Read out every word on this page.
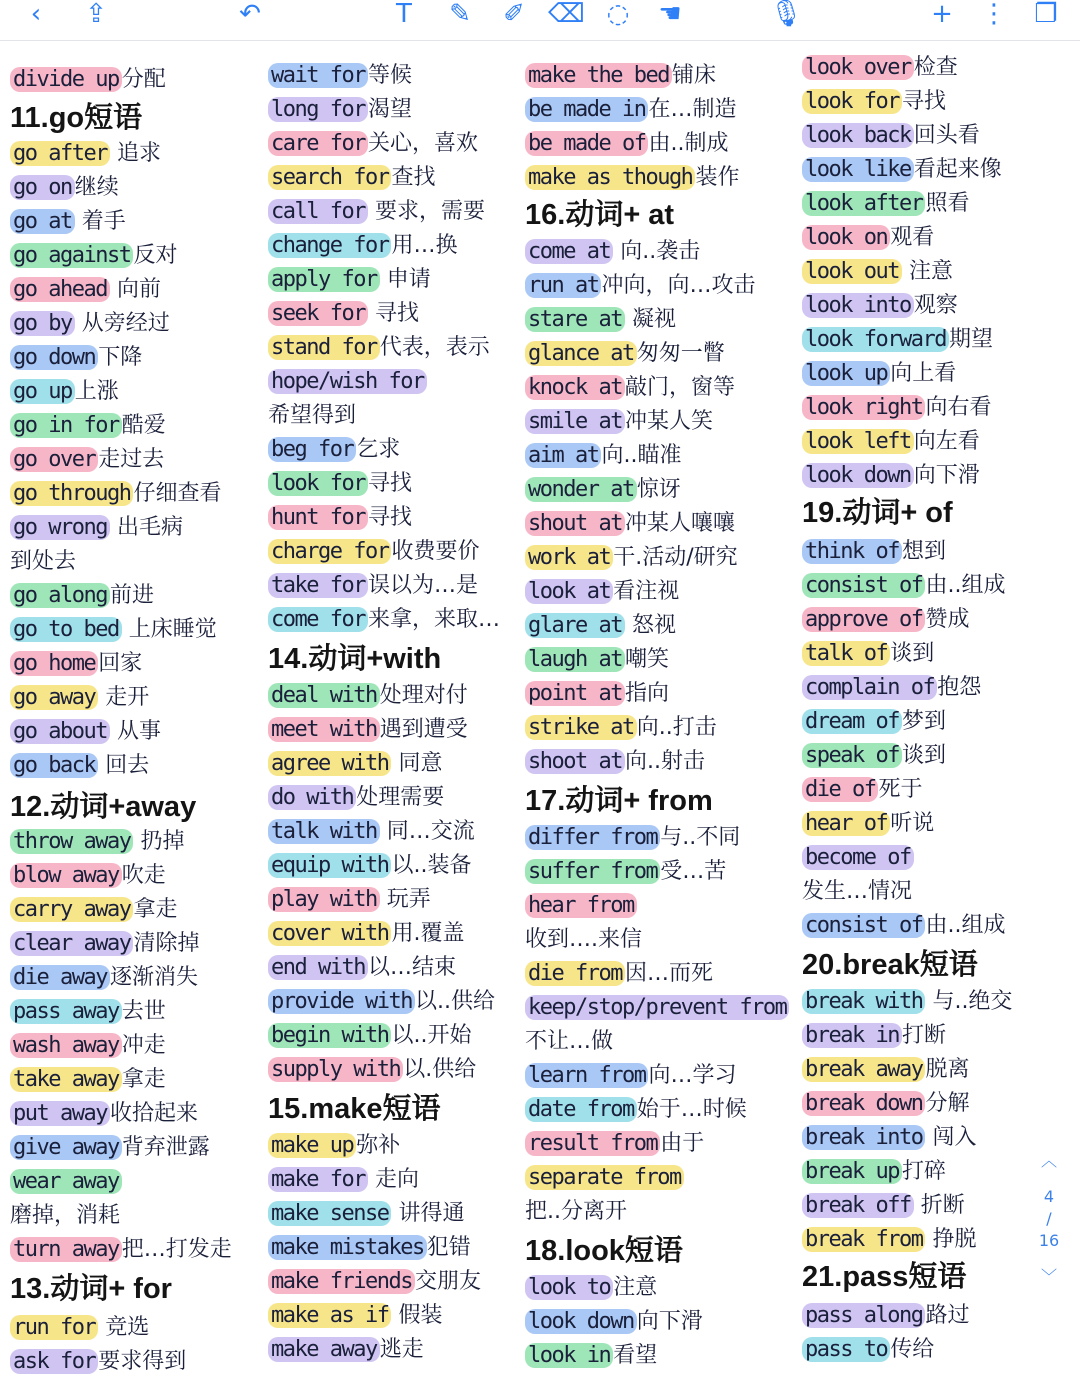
‹	⇪	↶	T	✎ ✐ ⌫ ◌ ☚	🎙	+ ⋮ ❐
divide up 分配
11.go短语
go after 追求
go on 继续
go at 着手
go against 反对
go ahead 向前
go by 从旁经过
go down 下降
go up 上涨
go in for 酷爱
go over 走过去
go through 仔细查看
go wrong 出毛病
到处去
go along 前进
go to bed 上床睡觉
go home 回家
go away 走开
go about 从事
go back 回去
12.动词+away
throw away 扔掉
blow away 吹走
carry away 拿走
clear away 清除掉
die away 逐渐消失
pass away 去世
wash away 冲走
take away 拿走
put away 收拾起来
give away 背弃泄露
wear away
磨掉，消耗
turn away 把…打发走
13.动词+ for
run for 竞选
ask for 要求得到
wait for 等候
long for 渴望
care for 关心，喜欢
search for 查找
call for 要求，需要
change for 用…换
apply for 申请
seek for 寻找
stand for 代表，表示
hope/wish for
希望得到
beg for 乞求
look for 寻找
hunt for 寻找
charge for 收费要价
take for 误以为…是
come for 来拿，来取…
14.动词+with
deal with 处理对付
meet with 遇到遭受
agree with 同意
do with 处理需要
talk with 同…交流
equip with 以..装备
play with 玩弄
cover with 用.覆盖
end with 以…结束
provide with 以..供给
begin with 以..开始
supply with 以.供给
15.make短语
make up 弥补
make for 走向
make sense 讲得通
make mistakes 犯错
make friends 交朋友
make as if 假装
make away 逃走
make the bed 铺床
be made in 在…制造
be made of 由..制成
make as though 装作
16.动词+ at
come at 向..袭击
run at 冲向，向…攻击
stare at 凝视
glance at 匆匆一瞥
knock at 敲门，窗等
smile at 冲某人笑
aim at 向..瞄准
wonder at 惊讶
shout at 冲某人嚷嚷
work at 干.活动/研究
look at 看注视
glare at 怒视
laugh at 嘲笑
point at 指向
strike at 向..打击
shoot at 向..射击
17.动词+ from
differ from 与..不同
suffer from 受…苦
hear from
收到….来信
die from 因…而死
keep/stop/prevent from
不让…做
learn from 向…学习
date from 始于…时候
result from 由于
separate from
把..分离开
18.look短语
look to 注意
look down 向下滑
look in 看望
look over 检查
look for 寻找
look back 回头看
look like 看起来像
look after 照看
look on 观看
look out 注意
look into 观察
look forward 期望
look up 向上看
look right 向右看
look left 向左看
look down 向下滑
19.动词+ of
think of 想到
consist of 由..组成
approve of 赞成
talk of 谈到
complain of 抱怨
dream of 梦到
speak of 谈到
die of 死于
hear of 听说
become of
发生…情况
consist of 由..组成
20.break短语
break with 与..绝交
break in 打断
break away 脱离
break down 分解
break into 闯入
break up 打碎
break off 折断
break from 挣脱
21.pass短语
pass along 路过
pass to 传给
︿
4
/
16
﹀
